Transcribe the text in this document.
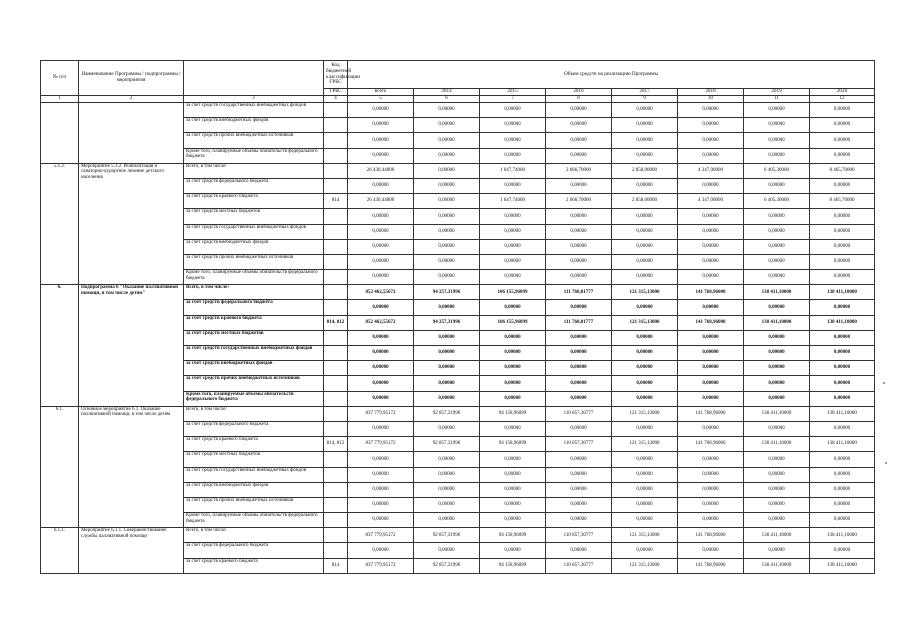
№ п/п	Наименование Программы / подпрограммы / мероприятия		Код бюджетной классификации ГРБС	Объем средств на реализацию Программы							
			ГРБС	всего	2014	2015	2016	2017	2018	2019	2020
1	2	3	4	5	6	7	8	9	10	11	12
		за счет средств государственных внебюджетных фондов		0,00000	0,00000	0,00000	0,00000	0,00000	0,00000	0,00000	0,00000
		за счет средств внебюджетных фондов		0,00000	0,00000	0,00000	0,00000	0,00000	0,00000	0,00000	0,00000
		за счет средств прочих внебюджетных источников		0,00000	0,00000	0,00000	0,00000	0,00000	0,00000	0,00000	0,00000
		Кроме того, планируемые объемы обязательств федерального бюджета		0,00000	0,00000	0,00000	0,00000	0,00000	0,00000	0,00000	0,00000
5.1.2.	Мероприятие 5.1.2. Реабилитация и санаторно-курортное лечение детского населения	Всего, в том числе:		26 430,44000	0,00000	1 647,74000	2 666,70000	2 858,00000	4 347,00000	6 405,30000	8 465,70000
		за счет средств федерального бюджета		0,00000	0,00000	0,00000	0,00000	0,00000	0,00000	0,00000	0,00000
		за счет средств краевого бюджета	814	26 430,44000	0,00000	1 647,74000	2 666,70000	2 858,00000	4 347,00000	6 405,30000	8 465,70000
		за счет средств местных бюджетов		0,00000	0,00000	0,00000	0,00000	0,00000	0,00000	0,00000	0,00000
		за счет средств государственных внебюджетных фондов		0,00000	0,00000	0,00000	0,00000	0,00000	0,00000	0,00000	0,00000
		за счет средств внебюджетных фондов		0,00000	0,00000	0,00000	0,00000	0,00000	0,00000	0,00000	0,00000
		за счет средств прочих внебюджетных источников		0,00000	0,00000	0,00000	0,00000	0,00000	0,00000	0,00000	0,00000
		Кроме того, планируемые объемы обязательств федерального бюджета		0,00000	0,00000	0,00000	0,00000	0,00000	0,00000	0,00000	0,00000
6.	Подпрограмма 6 "Оказание паллиативной помощи, в том числе детям"	Всего, в том числе:		852 462,55672	94 257,31996	106 155,96099	111 760,01777	121 315,13000	141 768,96000	138 411,10000	138 411,10000
		за счет средств федерального бюджета		0,00000	0,00000	0,00000	0,00000	0,00000	0,00000	0,00000	0,00000
		за счет средств краевого бюджета	814, 812	852 462,55672	94 257,31996	106 155,96099	111 760,01777	121 315,13000	141 768,96000	138 411,10000	138 411,10000
		за счет средств местных бюджетов		0,00000	0,00000	0,00000	0,00000	0,00000	0,00000	0,00000	0,00000
		за счет средств государственных внебюджетных фондов		0,00000	0,00000	0,00000	0,00000	0,00000	0,00000	0,00000	0,00000
		за счет средств внебюджетных фондов		0,00000	0,00000	0,00000	0,00000	0,00000	0,00000	0,00000	0,00000
		за счет средств прочих внебюджетных источников		0,00000	0,00000	0,00000	0,00000	0,00000	0,00000	0,00000	0,00000
		Кроме того, планируемые объемы обязательств федерального бюджета		0,00000	0,00000	0,00000	0,00000	0,00000	0,00000	0,00000	0,00000
6.1.	Основное мероприятие 6.1. Оказание паллиативной помощи, в том числе детям	Всего, в том числе:		837 779,95172	92 857,31996	94 158,96099	110 857,30777	121 315,13000	141 768,96000	138 411,10000	138 411,10000
		за счет средств федерального бюджета		0,00000	0,00000	0,00000	0,00000	0,00000	0,00000	0,00000	0,00000
		за счет средств краевого бюджета	814, 812	837 779,95172	92 857,31996	94 158,96099	110 857,30777	121 315,13000	141 768,96000	138 411,10000	138 411,10000
		за счет средств местных бюджетов		0,00000	0,00000	0,00000	0,00000	0,00000	0,00000	0,00000	0,00000
		за счет средств государственных внебюджетных фондов		0,00000	0,00000	0,00000	0,00000	0,00000	0,00000	0,00000	0,00000
		за счет средств внебюджетных фондов		0,00000	0,00000	0,00000	0,00000	0,00000	0,00000	0,00000	0,00000
		за счет средств прочих внебюджетных источников		0,00000	0,00000	0,00000	0,00000	0,00000	0,00000	0,00000	0,00000
		Кроме того, планируемые объемы обязательств федерального бюджета		0,00000	0,00000	0,00000	0,00000	0,00000	0,00000	0,00000	0,00000
6.1.1.	Мероприятие 6.1.1. Совершенствование службы паллиативной помощи	Всего, в том числе:		837 779,95172	92 857,31996	94 158,96099	110 857,30777	121 315,13000	141 768,96000	138 411,10000	138 411,10000
		за счет средств федерального бюджета		0,00000	0,00000	0,00000	0,00000	0,00000	0,00000	0,00000	0,00000
		за счет средств краевого бюджета	814	837 779,95172	92 857,31996	94 158,96099	110 857,30777	121 315,13000	141 768,96000	138 411,10000	138 411,10000
